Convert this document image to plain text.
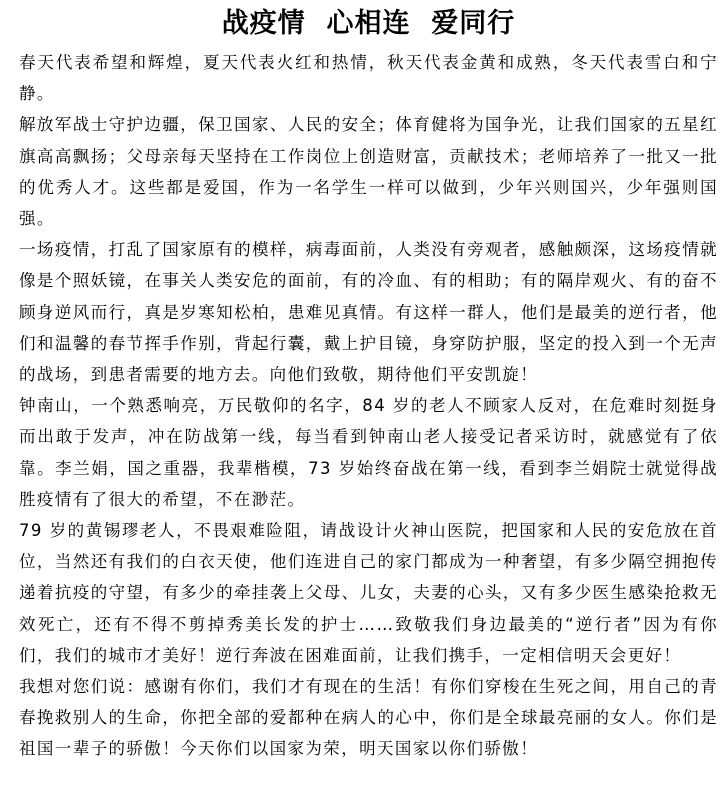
战疫情  心相连  爱同行

春天代表希望和辉煌，夏天代表火红和热情，秋天代表金黄和成熟，冬天代表雪白和宁静。

解放军战士守护边疆，保卫国家、人民的安全；体育健将为国争光，让我们国家的五星红旗高高飘扬；父母亲每天坚持在工作岗位上创造财富，贡献技术；老师培养了一批又一批的优秀人才。这些都是爱国，作为一名学生一样可以做到，少年兴则国兴，少年强则国强。

一场疫情，打乱了国家原有的模样，病毒面前，人类没有旁观者，感触颇深，这场疫情就像是个照妖镜，在事关人类安危的面前，有的冷血、有的相助；有的隔岸观火、有的奋不顾身逆风而行，真是岁寒知松柏，患难见真情。有这样一群人，他们是最美的逆行者，他们和温馨的春节挥手作别，背起行囊，戴上护目镜，身穿防护服，坚定的投入到一个无声的战场，到患者需要的地方去。向他们致敬，期待他们平安凯旋！

钟南山，一个熟悉响亮，万民敬仰的名字，84 岁的老人不顾家人反对，在危难时刻挺身而出敢于发声，冲在防战第一线，每当看到钟南山老人接受记者采访时，就感觉有了依靠。李兰娟，国之重器，我辈楷模，73 岁始终奋战在第一线，看到李兰娟院士就觉得战胜疫情有了很大的希望，不在渺茫。

79 岁的黄锡璆老人，不畏艰难险阻，请战设计火神山医院，把国家和人民的安危放在首位，当然还有我们的白衣天使，他们连进自己的家门都成为一种奢望，有多少隔空拥抱传递着抗疫的守望，有多少的牵挂袭上父母、儿女，夫妻的心头，又有多少医生感染抢救无效死亡，还有不得不剪掉秀美长发的护士……致敬我们身边最美的“逆行者”因为有你们，我们的城市才美好！逆行奔波在困难面前，让我们携手，一定相信明天会更好！

我想对您们说：感谢有你们，我们才有现在的生活！有你们穿梭在生死之间，用自己的青春挽救别人的生命，你把全部的爱都种在病人的心中，你们是全球最亮丽的女人。你们是祖国一辈子的骄傲！今天你们以国家为荣，明天国家以你们骄傲！
